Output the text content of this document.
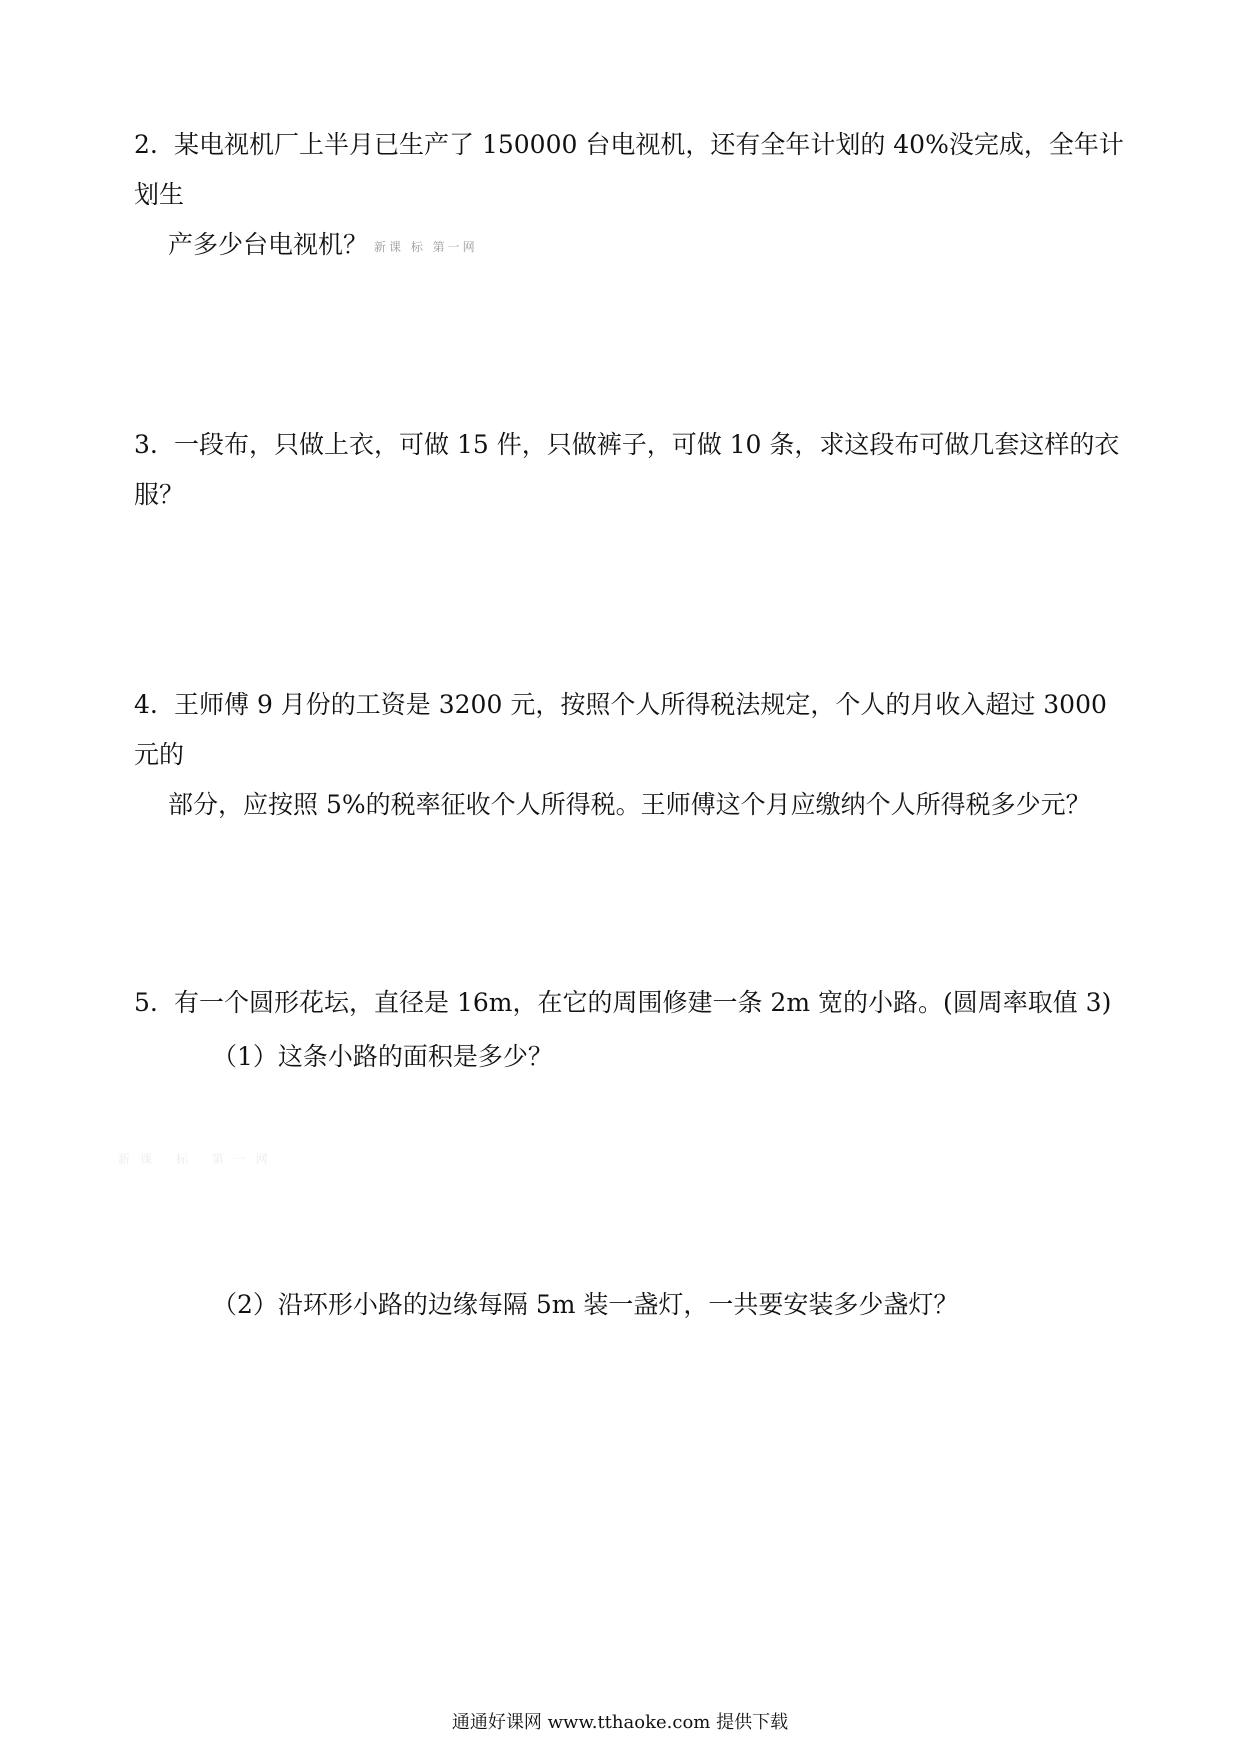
2. 某电视机厂上半月已生产了 150000 台电视机，还有全年计划的 40%没完成，全年计划生
产多少台电视机？ 新课 标 第一网
3. 一段布，只做上衣，可做 15 件，只做裤子，可做 10 条，求这段布可做几套这样的衣服？
4. 王师傅 9 月份的工资是 3200 元，按照个人所得税法规定，个人的月收入超过 3000 元的
部分，应按照 5%的税率征收个人所得税。王师傅这个月应缴纳个人所得税多少元？
5. 有一个圆形花坛，直径是 16m，在它的周围修建一条 2m 宽的小路。(圆周率取值 3)
（1）这条小路的面积是多少？
新课 标 第一网
（2）沿环形小路的边缘每隔 5m 装一盏灯，一共要安装多少盏灯？
通通好课网 www.tthaoke.com 提供下载
